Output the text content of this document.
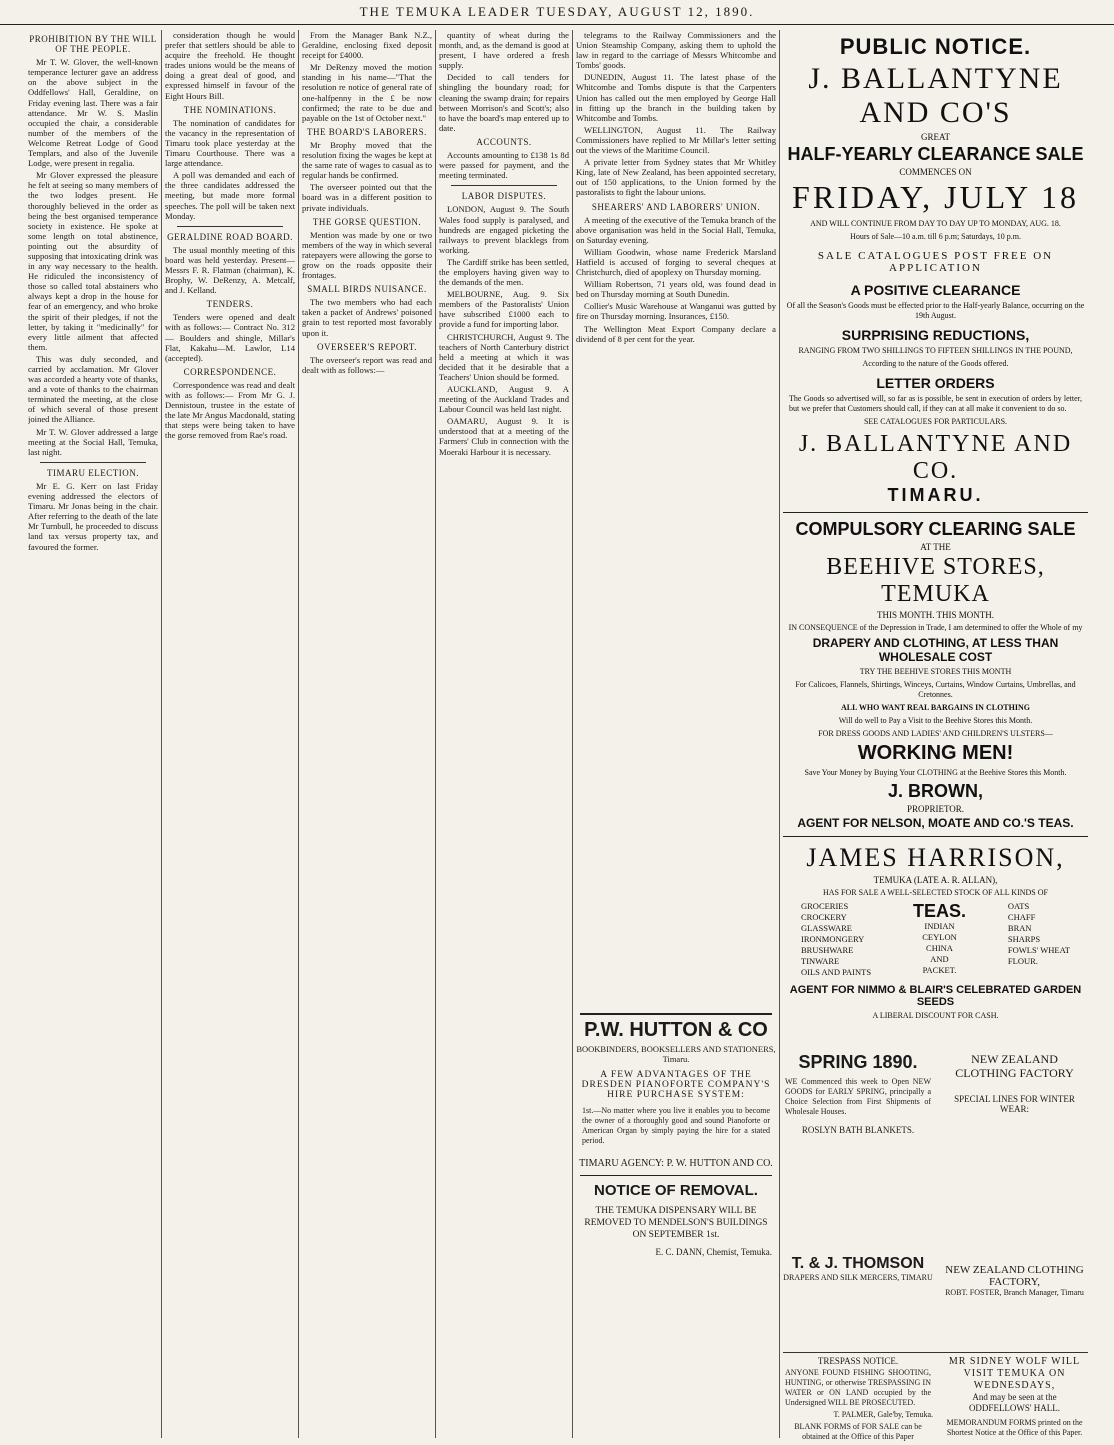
THE TEMUKA LEADER TUESDAY, AUGUST 12, 1890.
PROHIBITION BY THE WILL OF THE PEOPLE.

Mr T. W. Glover, the well-known temperance lecturer gave an address on the above subject in the Oddfellows' Hall, Geraldine, on Friday evening last. There was a fair attendance. Mr W. S. Maslin occupied the chair, a considerable number of the members of the Welcome Retreat Lodge of Good Templars, and also of the Juvenile Lodge, were present in regalia.

Mr Glover expressed the pleasure he felt at seeing so many members of the two lodges present. He thoroughly believed in the order as being the best organised temperance society in existence. He spoke at some length on total abstinence, pointing out the absurdity of supposing that intoxicating drink was in any way necessary to the health. He ridiculed the inconsistency of those so called total abstainers who always kept a drop in the house for fear of an emergency, and who broke the spirit of their pledges, if not the letter, by taking it "medicinally" for every little ailment that affected them.

This was duly seconded, and carried by acclamation. Mr Glover was accorded a hearty vote of thanks, and a vote of thanks to the chairman terminated the meeting, at the close of which several of those present joined the Alliance.

Mr T. W. Glover addressed a large meeting at the Social Hall, Temuka, last night.

TIMARU ELECTION.

Mr E. G. Kerr on last Friday evening addressed the electors of Timaru. Mr Jonas being in the chair. After referring to the death of the late Mr Turnbull, he proceeded to discuss land tax versus property tax, and favoured the former.

consideration though he would prefer that settlers should be able to acquire the freehold. He thought trades unions would be the means of doing a great deal of good, and expressed himself in favour of the Eight Hours Bill.

THE NOMINATIONS.

The nomination of candidates for the vacancy in the representation of Timaru took place yesterday at the Timaru Courthouse. There was a large attendance.

A poll was demanded and each of the three candidates addressed the meeting, but made more formal speeches. The poll will be taken next Monday.

GERALDINE ROAD BOARD.

The usual monthly meeting of this board was held yesterday. Present—Messrs F. R. Flatman (chairman), K. Brophy, W. DeRenzy, A. Metcalf, and J. Kelland.

TENDERS.

Tenders were opened and dealt with as follows:— Contract No. 312 — Boulders and shingle, Millar's Flat, Kakahu—M. Lawlor, L14 (accepted).

CORRESPONDENCE.

Correspondence was read and dealt with as follows:— From Mr G. J. Dennistoun, trustee in the estate of the late Mr Angus Macdonald, stating that steps were being taken to have the gorse removed from Rae's road.

From the Manager Bank N.Z., Geraldine, enclosing fixed deposit receipt for £4000.

Mr DeRenzy moved the motion standing in his name—"That the resolution re notice of general rate of one-halfpenny in the £ be now confirmed; the rate to be due and payable on the 1st of October next."

THE BOARD'S LABORERS.

Mr Brophy moved that the resolution fixing the wages be kept at the same rate of wages to casual as to regular hands be confirmed.

The overseer pointed out that the board was in a different position to private individuals.

THE GORSE QUESTION.

Mention was made by one or two members of the way in which several ratepayers were allowing the gorse to grow on the roads opposite their frontages.

SMALL BIRDS NUISANCE.

The two members who had each taken a packet of Andrews' poisoned grain to test reported most favorably upon it.

OVERSEER'S REPORT.

The overseer's report was read and dealt with as follows:—

quantity of wheat during the month, and, as the demand is good at present, I have ordered a fresh supply.

Decided to call tenders for shingling the boundary road; for cleaning the swamp drain; for repairs between Morrison's and Scott's; also to have the board's map entered up to date.

ACCOUNTS.

Accounts amounting to £138 1s 8d were passed for payment, and the meeting terminated.

LABOR DISPUTES.

LONDON, August 9. The South Wales food supply is paralysed, and hundreds are engaged picketing the railways to prevent blacklegs from working.

The Cardiff strike has been settled, the employers having given way to the demands of the men.

MELBOURNE, Aug. 9. Six members of the Pastoralists' Union have subscribed £1000 each to provide a fund for importing labor.

CHRISTCHURCH, August 9. The teachers of North Canterbury district held a meeting at which it was decided that it be desirable that a Teachers' Union should be formed.

AUCKLAND, August 9. A meeting of the Auckland Trades and Labour Council was held last night.

OAMARU, August 9. It is understood that at a meeting of the Farmers' Club in connection with the Moeraki Harbour it is necessary.

telegrams to the Railway Commissioners and the Union Steamship Company, asking them to uphold the law in regard to the carriage of Messrs Whitcombe and Tombs' goods.

DUNEDIN, August 11. The latest phase of the Whitcombe and Tombs dispute is that the Carpenters Union has called out the men employed by George Hall in fitting up the branch in the building taken by Whitcombe and Tombs.

WELLINGTON, August 11. The Railway Commissioners have replied to Mr Millar's letter setting out the views of the Maritime Council.

A private letter from Sydney states that Mr Whitley King, late of New Zealand, has been appointed secretary, out of 150 applications, to the Union formed by the pastoralists to fight the labour unions.

SHEARERS' AND LABORERS' UNION.

A meeting of the executive of the Temuka branch of the above organisation was held in the Social Hall, Temuka, on Saturday evening.

William Goodwin, whose name Frederick Marsland Hatfield is accused of forging to several cheques at Christchurch, died of apoplexy on Thursday morning.

William Robertson, 71 years old, was found dead in bed on Thursday morning at South Dunedin.

Collier's Music Warehouse at Wanganui was gutted by fire on Thursday morning. Insurances, £150.

The Wellington Meat Export Company declare a dividend of 8 per cent for the year.

P.W. HUTTON & CO
BOOKBINDERS, BOOKSELLERS AND STATIONERS, Timaru.
A FEW ADVANTAGES OF THE DRESDEN PIANOFORTE COMPANY'S HIRE PURCHASE SYSTEM:
1st.—No matter where you live it enables you to become the owner of a thoroughly good and sound Pianoforte or American Organ by simply paying the hire for a stated period.
TIMARU AGENCY: P. W. HUTTON AND CO.
NOTICE OF REMOVAL.
THE TEMUKA DISPENSARY WILL BE REMOVED TO MENDELSON'S BUILDINGS ON SEPTEMBER 1st.
E. C. DANN, Chemist, Temuka.
PUBLIC NOTICE.
J. BALLANTYNE AND CO'S
GREAT
HALF-YEARLY CLEARANCE SALE
COMMENCES ON
FRIDAY, JULY 18
AND WILL CONTINUE FROM DAY TO DAY UP TO MONDAY, AUG. 18.
Hours of Sale—10 a.m. till 6 p.m; Saturdays, 10 p.m.
SALE CATALOGUES POST FREE ON APPLICATION
A POSITIVE CLEARANCE
Of all the Season's Goods must be effected prior to the Half-yearly Balance, occurring on the 19th August.
SURPRISING REDUCTIONS,
RANGING FROM TWO SHILLINGS TO FIFTEEN SHILLINGS IN THE POUND,
According to the nature of the Goods offered.
LETTER ORDERS
The Goods so advertised will, so far as is possible, be sent in execution of orders by letter, but we prefer that Customers should call, if they can at all make it convenient to do so.
SEE CATALOGUES FOR PARTICULARS.
J. BALLANTYNE AND CO.
TIMARU.
COMPULSORY CLEARING SALE
AT THE
BEEHIVE STORES, TEMUKA
THIS MONTH. THIS MONTH.
IN CONSEQUENCE of the Depression in Trade, I am determined to offer the Whole of my
DRAPERY AND CLOTHING, AT LESS THAN WHOLESALE COST
TRY THE BEEHIVE STORES THIS MONTH
For Calicoes, Flannels, Shirtings, Winceys, Curtains, Window Curtains, Umbrellas, and Cretonnes.
ALL WHO WANT REAL BARGAINS IN CLOTHING
Will do well to Pay a Visit to the Beehive Stores this Month.
FOR DRESS GOODS AND LADIES' AND CHILDREN'S ULSTERS—
WORKING MEN!
Save Your Money by Buying Your CLOTHING at the Beehive Stores this Month.
J. BROWN,
PROPRIETOR.
AGENT FOR NELSON, MOATE AND CO.'S TEAS.
JAMES HARRISON,
TEMUKA (LATE A. R. ALLAN),
HAS FOR SALE A WELL-SELECTED STOCK OF ALL KINDS OF
GROCERIES
CROCKERY
GLASSWARE
IRONMONGERY
BRUSHWARE
TINWARE
OILS AND PAINTS
TEAS.
INDIAN
CEYLON
CHINA
AND
PACKET.
OATS
CHAFF
BRAN
SHARPS
FOWLS' WHEAT
FLOUR.
AGENT FOR NIMMO & BLAIR'S CELEBRATED GARDEN SEEDS
A LIBERAL DISCOUNT FOR CASH.
SPRING 1890.
WE Commenced this week to Open NEW GOODS for EARLY SPRING, principally a Choice Selection from First Shipments of Wholesale Houses.
ROSLYN BATH BLANKETS.
T. & J. THOMSON
DRAPERS AND SILK MERCERS, TIMARU
NEW ZEALAND CLOTHING FACTORY
SPECIAL LINES FOR WINTER WEAR:
NEW ZEALAND CLOTHING FACTORY,
ROBT. FOSTER, Branch Manager, Timaru
TRESPASS NOTICE.
ANYONE FOUND FISHING SHOOTING, HUNTING, or otherwise TRESPASSING IN WATER or ON LAND occupied by the Undersigned WILL BE PROSECUTED.
T. PALMER, Gale'by, Temuka.
MR SIDNEY WOLF WILL VISIT TEMUKA ON WEDNESDAYS,
And may be seen at the ODDFELLOWS' HALL.
MEMORANDUM FORMS printed on the Shortest Notice at the Office of this Paper.
BLANK FORMS of FOR SALE can be obtained at the Office of this Paper
